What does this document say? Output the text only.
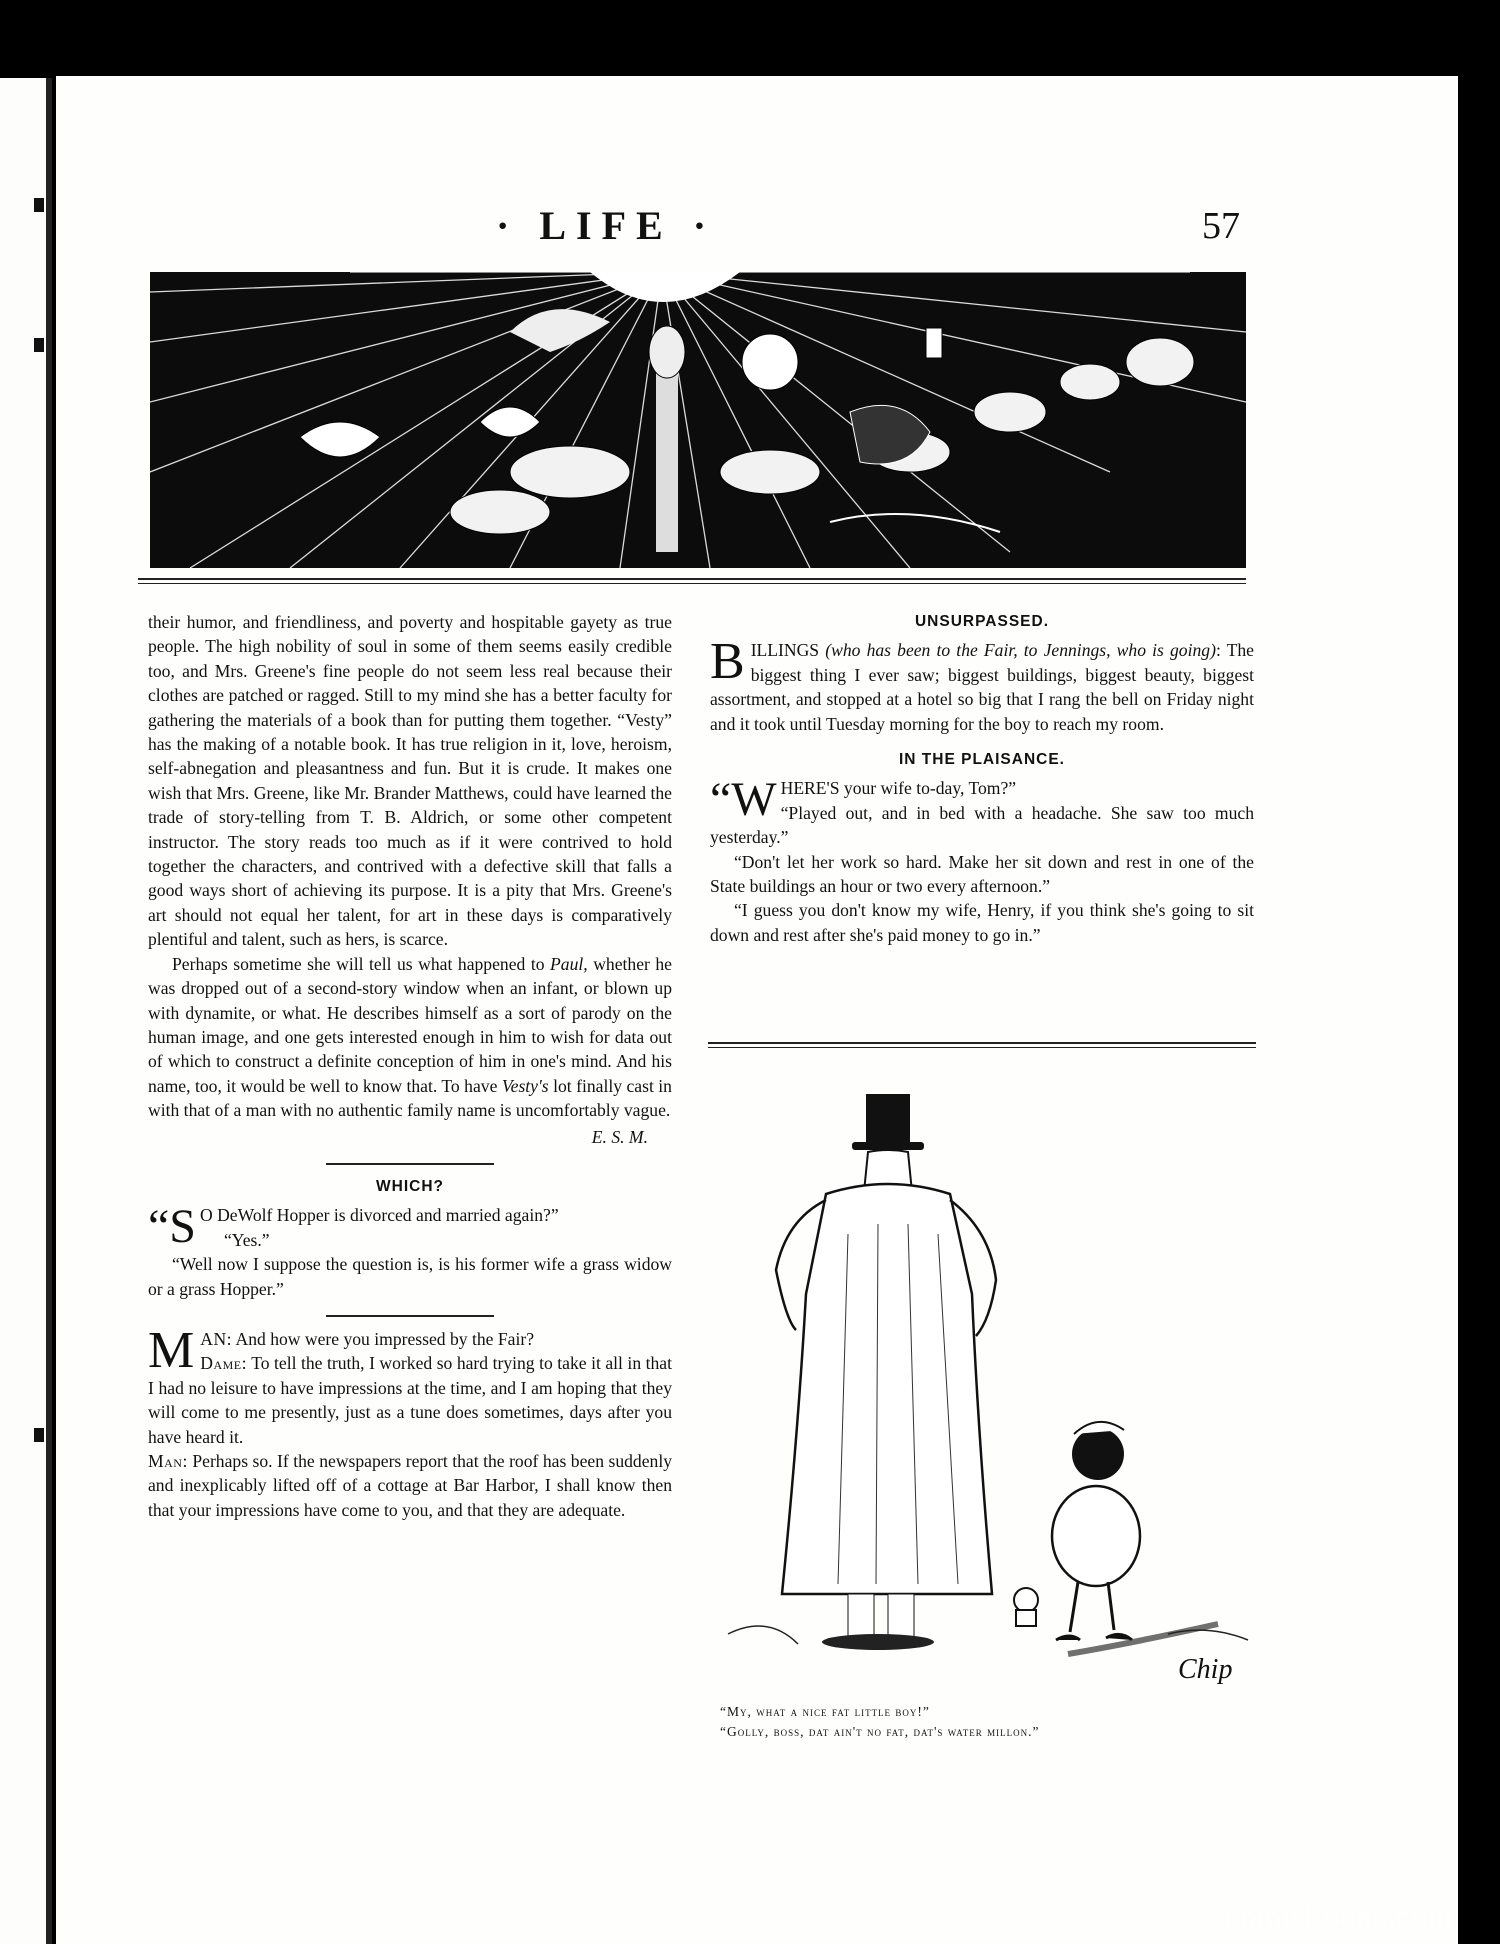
· LIFE ·	57

their humor, and friendliness, and poverty and hospitable gayety as true people. The high nobility of soul in some of them seems easily credible too, and Mrs. Greene's fine people do not seem less real because their clothes are patched or ragged. Still to my mind she has a better faculty for gathering the materials of a book than for putting them together. “Vesty” has the making of a notable book. It has true religion in it, love, heroism, self-abnegation and pleasantness and fun. But it is crude. It makes one wish that Mrs. Greene, like Mr. Brander Matthews, could have learned the trade of story-telling from T. B. Aldrich, or some other competent instructor. The story reads too much as if it were contrived to hold together the characters, and contrived with a defective skill that falls a good ways short of achieving its purpose. It is a pity that Mrs. Greene's art should not equal her talent, for art in these days is comparatively plentiful and talent, such as hers, is scarce.

Perhaps sometime she will tell us what happened to Paul, whether he was dropped out of a second-story window when an infant, or blown up with dynamite, or what. He describes himself as a sort of parody on the human image, and one gets interested enough in him to wish for data out of which to construct a definite conception of him in one's mind. And his name, too, it would be well to know that. To have Vesty's lot finally cast in with that of a man with no authentic family name is uncomfortably vague.

E. S. M.

WHICH?

“S O DeWolf Hopper is divorced and married again?”

“Yes.”

“Well now I suppose the question is, is his former wife a grass widow or a grass Hopper.”

MAN: And how were you impressed by the Fair?
Dame: To tell the truth, I worked so hard trying to take it all in that I had no leisure to have impressions at the time, and I am hoping that they will come to me presently, just as a tune does sometimes, days after you have heard it.

Man: Perhaps so. If the newspapers report that the roof has been suddenly and inexplicably lifted off of a cottage at Bar Harbor, I shall know then that your impressions have come to you, and that they are adequate.

UNSURPASSED.

BILLINGS (who has been to the Fair, to Jennings, who is going): The biggest thing I ever saw; biggest buildings, biggest beauty, biggest assortment, and stopped at a hotel so big that I rang the bell on Friday night and it took until Tuesday morning for the boy to reach my room.

IN THE PLAISANCE.

“WHERE'S your wife to-day, Tom?”
“Played out, and in bed with a headache. She saw too much yesterday.”

“Don't let her work so hard. Make her sit down and rest in one of the State buildings an hour or two every afternoon.”

“I guess you don't know my wife, Henry, if you think she's going to sit down and rest after she's paid money to go in.”

Chip
“My, what a nice fat little boy!”
“Golly, boss, dat ain't no fat, dat's water millon.”
comicbooks.com
